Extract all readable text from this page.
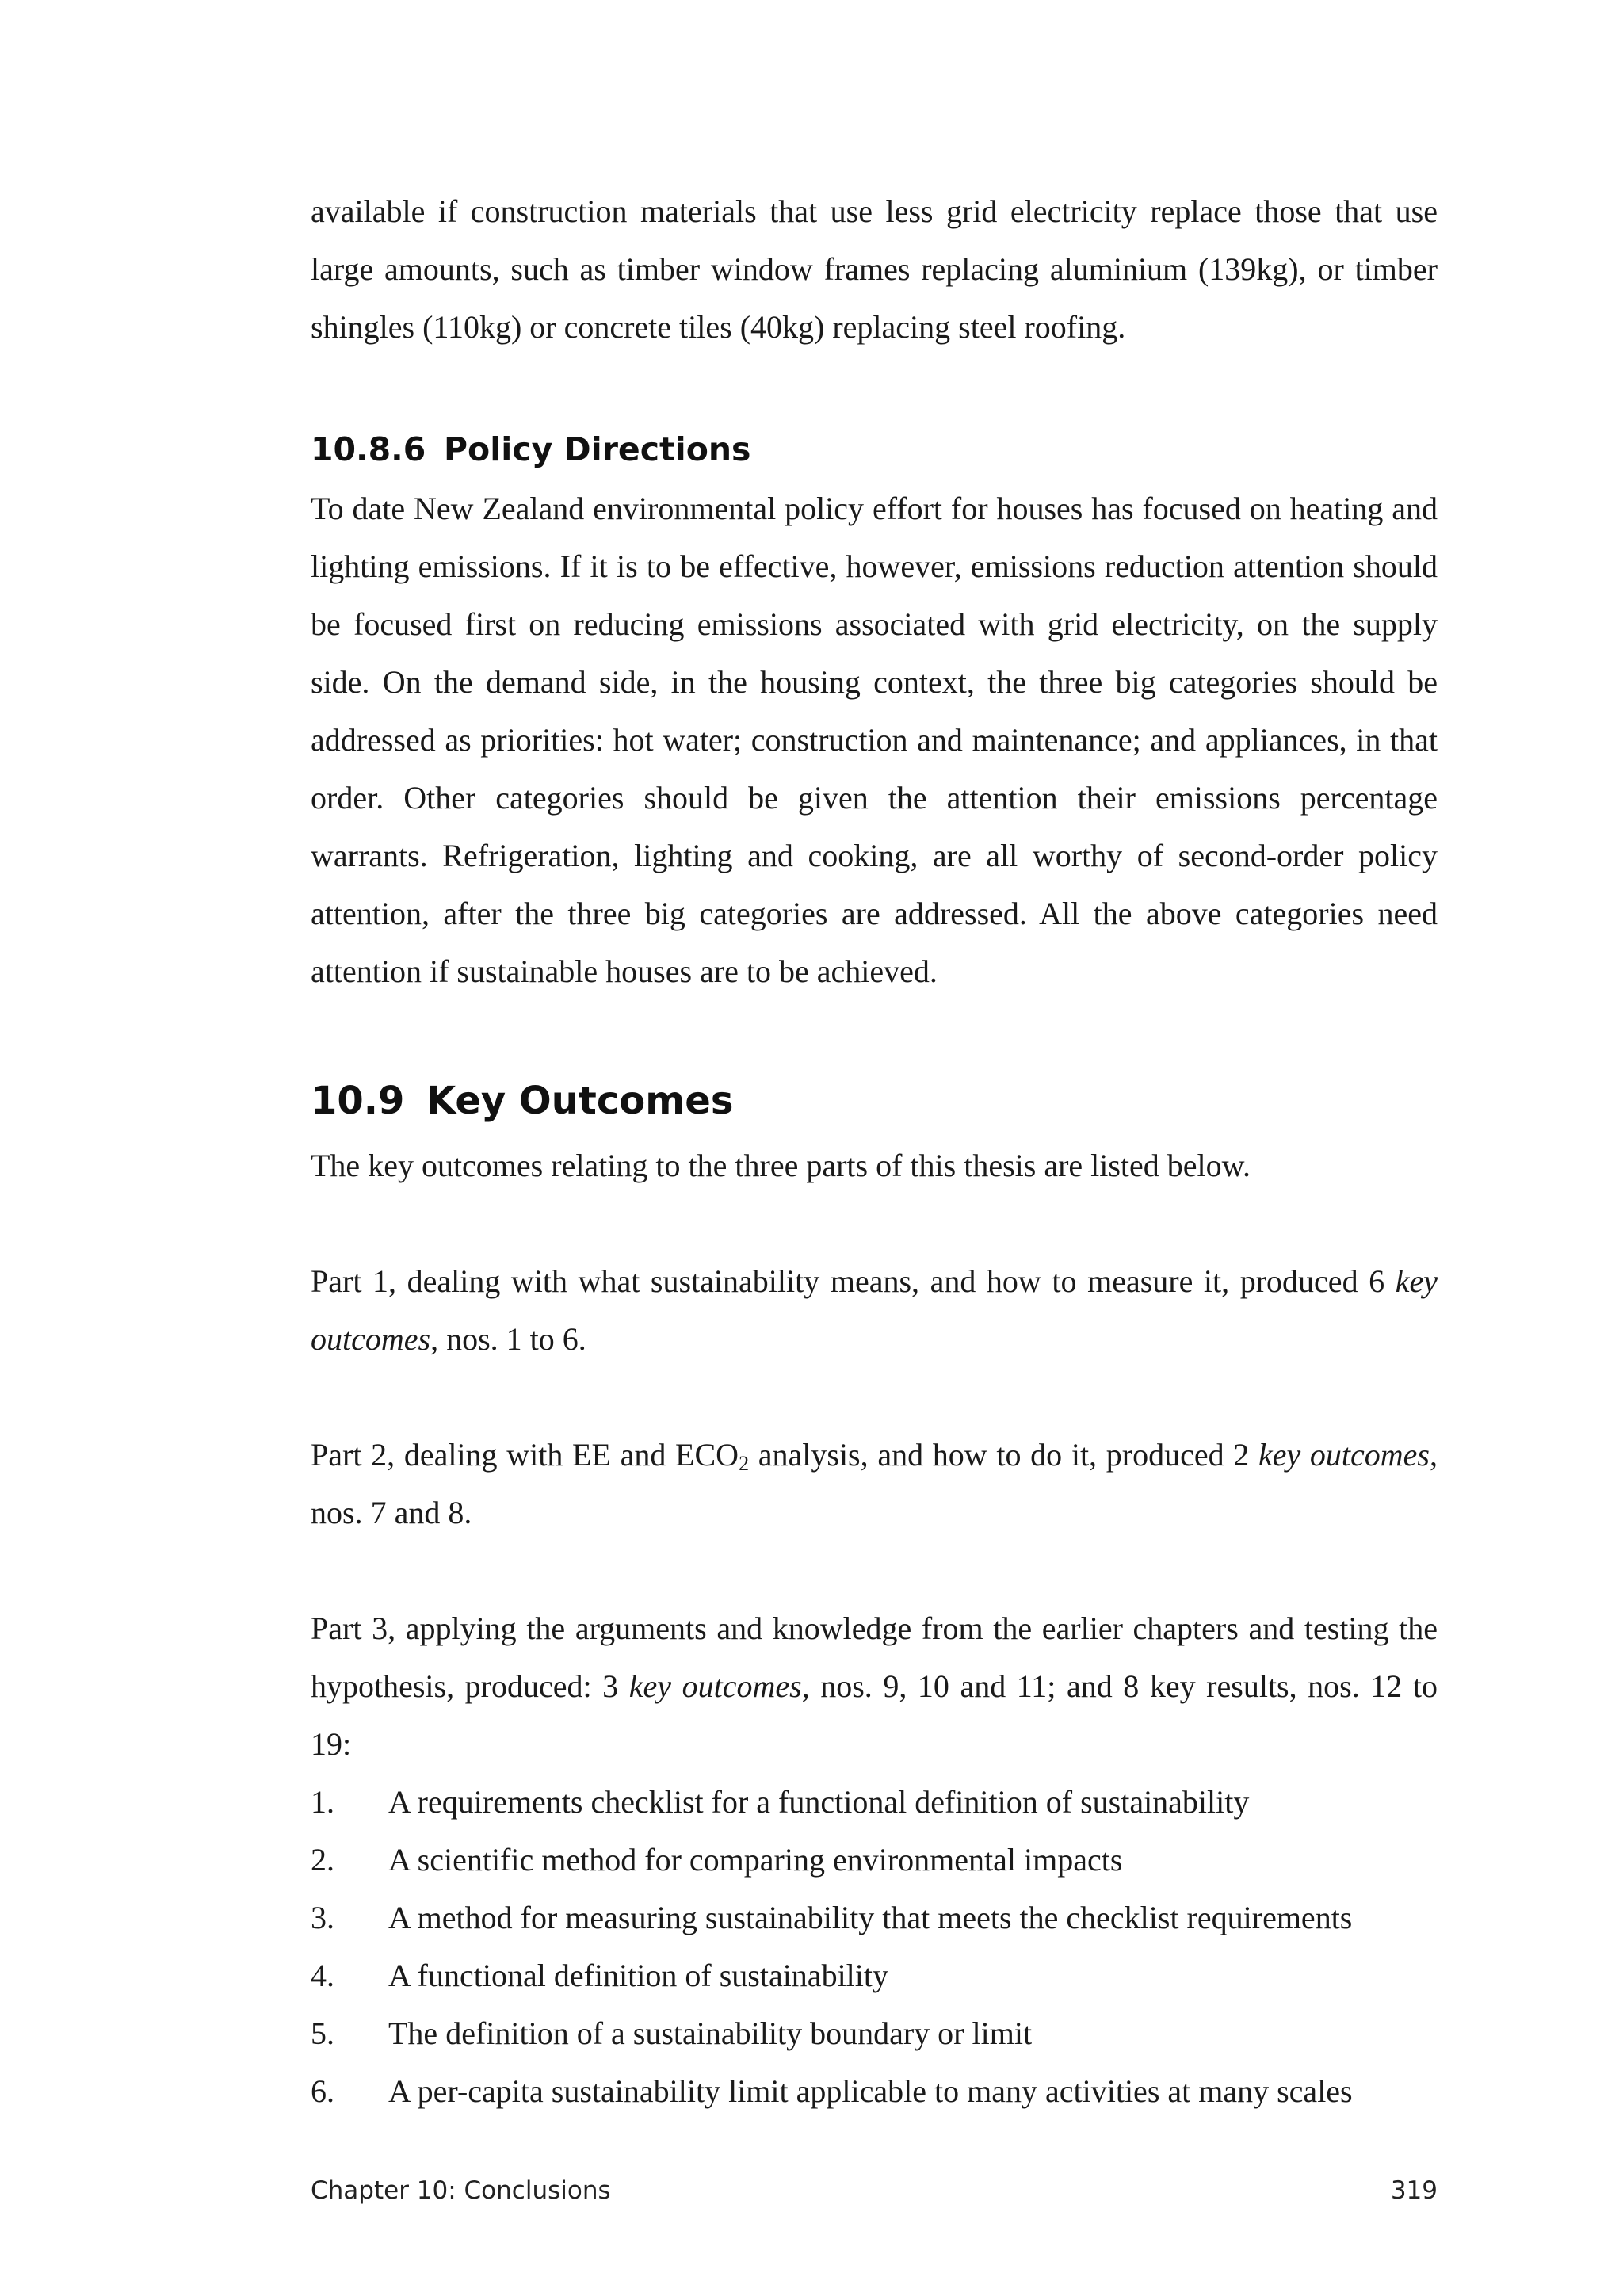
available if construction materials that use less grid electricity replace those that use large amounts, such as timber window frames replacing aluminium (139kg), or timber shingles (110kg) or concrete tiles (40kg) replacing steel roofing.

10.8.6 Policy Directions

To date New Zealand environmental policy effort for houses has focused on heating and lighting emissions. If it is to be effective, however, emissions reduction attention should be focused first on reducing emissions associated with grid electricity, on the supply side. On the demand side, in the housing context, the three big categories should be addressed as priorities: hot water; construction and maintenance; and appliances, in that order. Other categories should be given the attention their emissions percentage warrants. Refrigeration, lighting and cooking, are all worthy of second-order policy attention, after the three big categories are addressed. All the above categories need attention if sustainable houses are to be achieved.

10.9 Key Outcomes

The key outcomes relating to the three parts of this thesis are listed below.

Part 1, dealing with what sustainability means, and how to measure it, produced 6 key outcomes, nos. 1 to 6.

Part 2, dealing with EE and $ECO_2$ analysis, and how to do it, produced 2 key outcomes, nos. 7 and 8.

Part 3, applying the arguments and knowledge from the earlier chapters and testing the hypothesis, produced: 3 key outcomes, nos. 9, 10 and 11; and 8 key results, nos. 12 to 19:

1.	A requirements checklist for a functional definition of sustainability
2.	A scientific method for comparing environmental impacts
3.	A method for measuring sustainability that meets the checklist requirements
4.	A functional definition of sustainability
5.	The definition of a sustainability boundary or limit
6.	A per-capita sustainability limit applicable to many activities at many scales
Chapter 10: Conclusions	319
